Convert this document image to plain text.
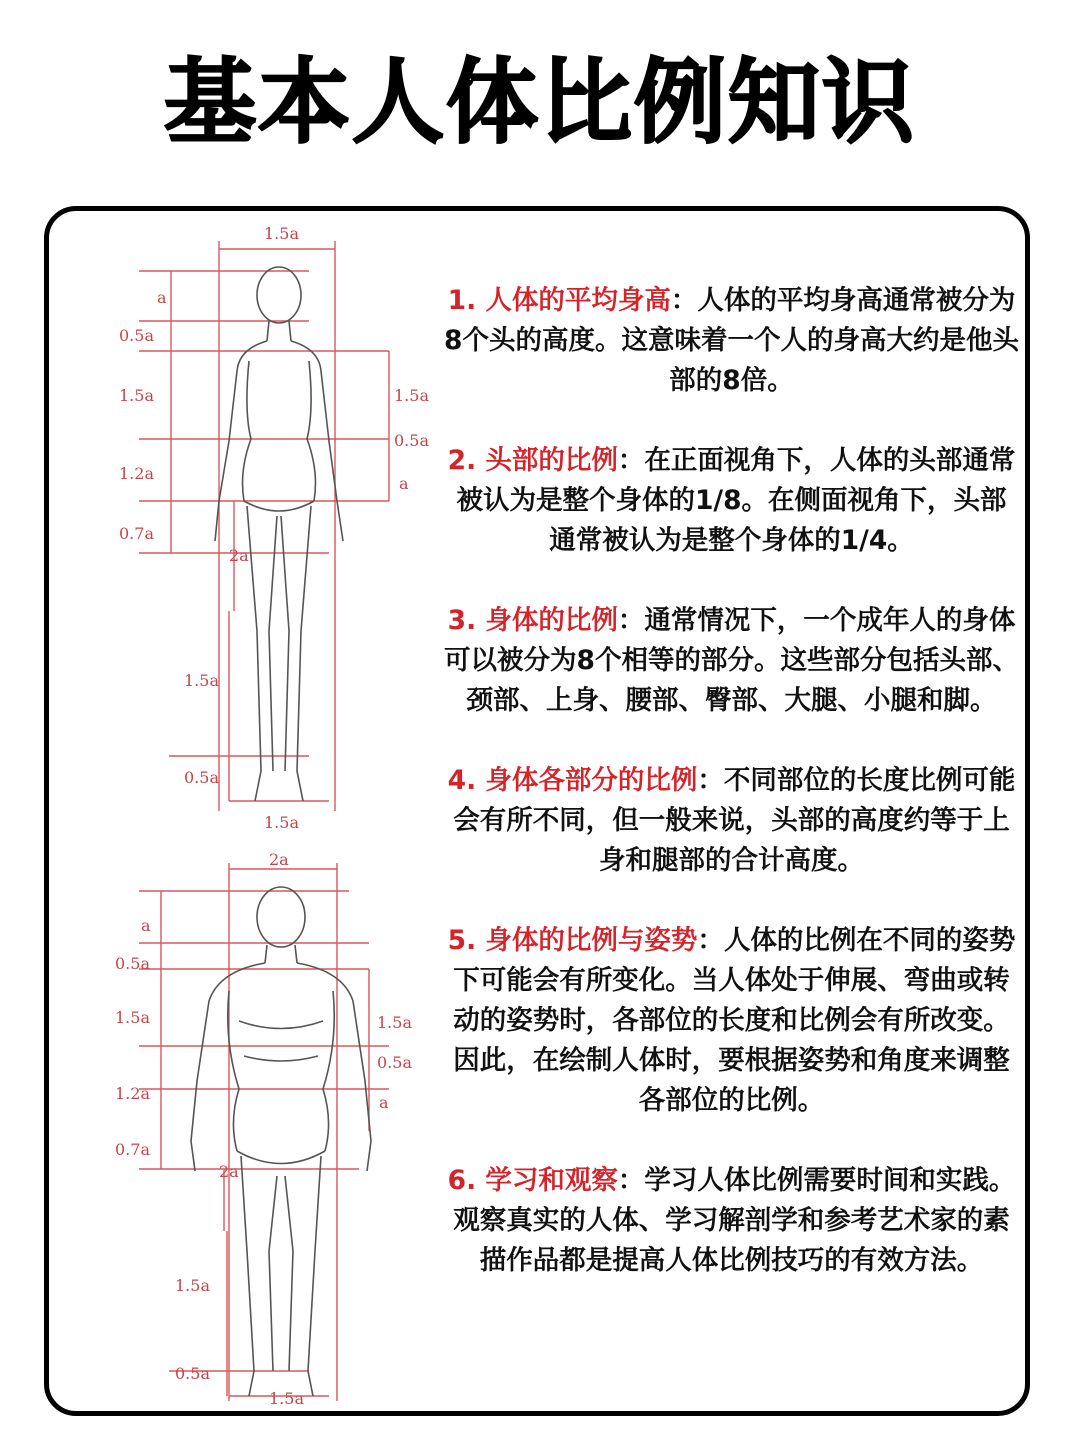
基本人体比例知识
a
0.5a
1.5a
1.2a
0.7a
2a
1.5a
0.5a
1.5a
1.5a
1.5a
0.5a
a
a
0.5a
1.5a
1.2a
0.7a
2a
1.5a
0.5a
2a
1.5a
1.5a
0.5a
a
1. 人体的平均身高：人体的平均身高通常被分为8个头的高度。这意味着一个人的身高大约是他头部的8倍。
2. 头部的比例：在正面视角下，人体的头部通常被认为是整个身体的1/8。在侧面视角下，头部通常被认为是整个身体的1/4。
3. 身体的比例：通常情况下，一个成年人的身体可以被分为8个相等的部分。这些部分包括头部、颈部、上身、腰部、臀部、大腿、小腿和脚。
4. 身体各部分的比例：不同部位的长度比例可能会有所不同，但一般来说，头部的高度约等于上身和腿部的合计高度。
5. 身体的比例与姿势：人体的比例在不同的姿势下可能会有所变化。当人体处于伸展、弯曲或转动的姿势时，各部位的长度和比例会有所改变。因此，在绘制人体时，要根据姿势和角度来调整各部位的比例。
6. 学习和观察：学习人体比例需要时间和实践。观察真实的人体、学习解剖学和参考艺术家的素描作品都是提高人体比例技巧的有效方法。
